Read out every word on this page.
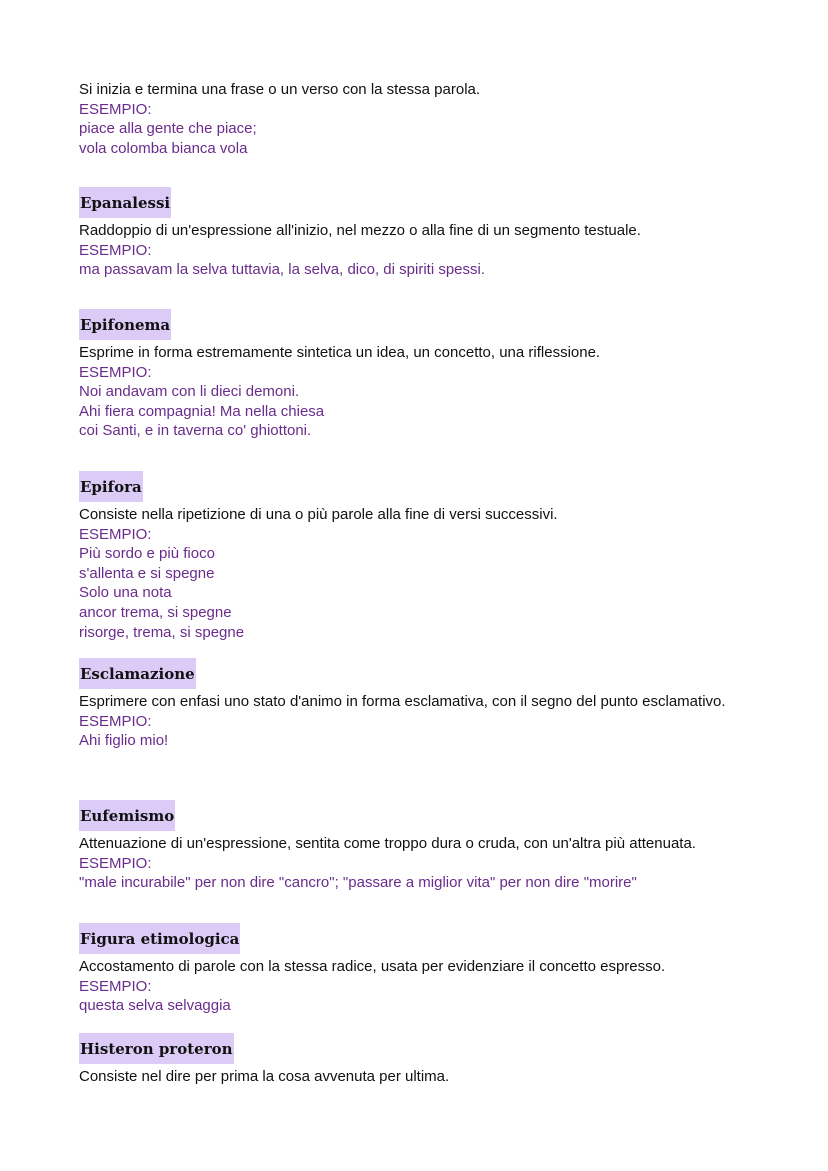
Si inizia e termina una frase o un verso con la stessa parola.
ESEMPIO:
piace alla gente che piace;
vola colomba bianca vola
Epanalessi
Raddoppio di un'espressione all'inizio, nel mezzo o alla fine di un segmento testuale.
ESEMPIO:
ma passavam la selva tuttavia, la selva, dico, di spiriti spessi.
Epifonema
Esprime in forma estremamente sintetica un idea, un concetto, una riflessione.
ESEMPIO:
Noi andavam con li dieci demoni.
Ahi fiera compagnia! Ma nella chiesa
coi Santi, e in taverna co' ghiottoni.
Epifora
Consiste nella ripetizione di una o più parole alla fine di versi successivi.
ESEMPIO:
Più sordo e più fioco
s'allenta e si spegne
Solo una nota
ancor trema, si spegne
risorge, trema, si spegne
Esclamazione
Esprimere con enfasi uno stato d'animo in forma esclamativa, con il segno del punto esclamativo.
ESEMPIO:
Ahi figlio mio!
Eufemismo
Attenuazione di un'espressione, sentita come troppo dura o cruda, con un'altra più attenuata.
ESEMPIO:
"male incurabile" per non dire "cancro"; "passare a miglior vita" per non dire "morire"
Figura etimologica
Accostamento di parole con la stessa radice, usata per evidenziare il concetto espresso.
ESEMPIO:
questa selva selvaggia
Histeron proteron
Consiste nel dire per prima la cosa avvenuta per ultima.
